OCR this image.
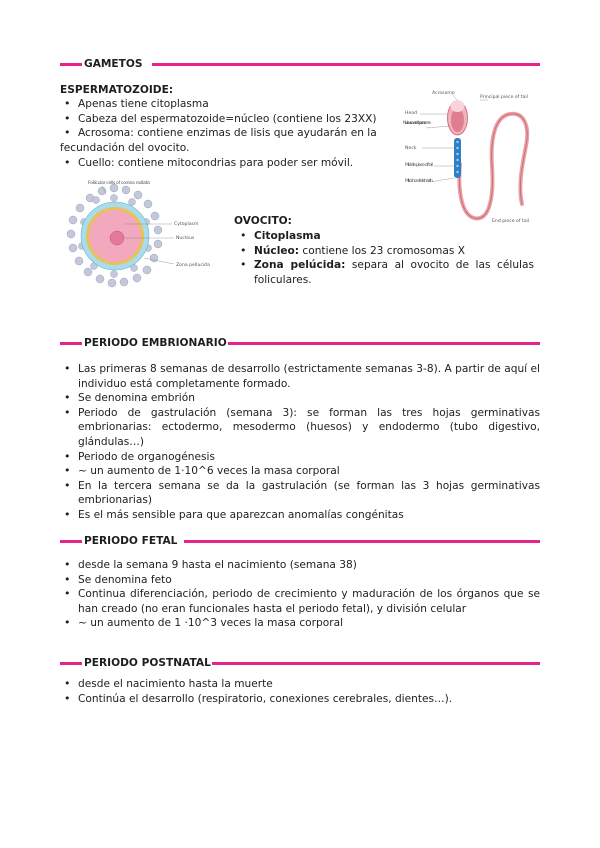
GAMETOS
ESPERMATOZOIDE:
• Apenas tiene citoplasma
• Cabeza del espermatozoide=núcleo (contiene los 23XX)
• Acrosoma: contiene enzimas de lisis que ayudarán en la
fecundación del ovocito.
• Cuello: contiene mitocondrias para poder ser móvil.
Acrosome
Principal piece of tail
Head
Nucleus covered by acrosome
Neck
Middle piece of tail
Mitochondrial sheath
End piece of tail
Follicular cells of corona radiata
Cytoplasm
Nucleus
Zona pellucida
OVOCITO:
• Citoplasma
• Núcleo: contiene los 23 cromosomas X
• Zona pelúcida: separa al ovocito de las células foliculares.
PERIODO EMBRIONARIO
• Las primeras 8 semanas de desarrollo (estrictamente semanas 3-8). A partir de aquí el individuo está completamente formado.
• Se denomina embrión
• Periodo de gastrulación (semana 3): se forman las tres hojas germinativas embrionarias: ectodermo, mesodermo (huesos) y endodermo (tubo digestivo, glándulas…)
• Periodo de organogénesis
• ~ un aumento de 1·10^6 veces la masa corporal
• En la tercera semana se da la gastrulación (se forman las 3 hojas germinativas embrionarias)
• Es el más sensible para que aparezcan anomalías congénitas
PERIODO FETAL
• desde la semana 9 hasta el nacimiento (semana 38)
• Se denomina feto
• Continua diferenciación, periodo de crecimiento y maduración de los órganos que se han creado (no eran funcionales hasta el periodo fetal), y división celular
• ~ un aumento de 1 ·10^3 veces la masa corporal
PERIODO POSTNATAL
• desde el nacimiento hasta la muerte
• Continúa el desarrollo (respiratorio, conexiones cerebrales, dientes…).
